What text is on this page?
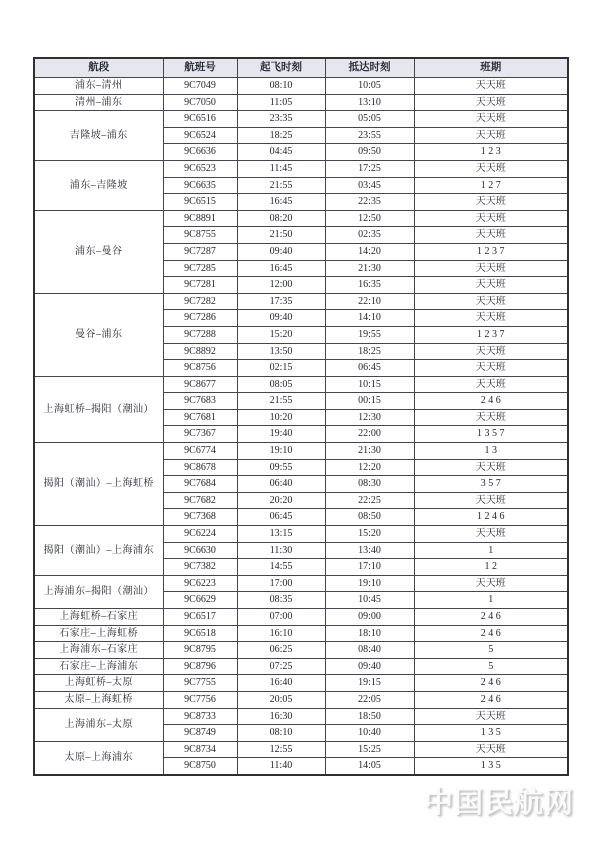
航段	航班号	起飞时刻	抵达时刻	班期
浦东–清州	9C7049	08:10	10:05	天天班
清州–浦东	9C7050	11:05	13:10	天天班
吉隆坡–浦东	9C6516	23:35	05:05	天天班
	9C6524	18:25	23:55	天天班
	9C6636	04:45	09:50	1 2 3
浦东–吉隆坡	9C6523	11:45	17:25	天天班
	9C6635	21:55	03:45	1 2 7
	9C6515	16:45	22:35	天天班
浦东–曼谷	9C8891	08:20	12:50	天天班
	9C8755	21:50	02:35	天天班
	9C7287	09:40	14:20	1 2 3 7
	9C7285	16:45	21:30	天天班
	9C7281	12:00	16:35	天天班
曼谷–浦东	9C7282	17:35	22:10	天天班
	9C7286	09:40	14:10	天天班
	9C7288	15:20	19:55	1 2 3 7
	9C8892	13:50	18:25	天天班
	9C8756	02:15	06:45	天天班
上海虹桥–揭阳（潮汕）	9C8677	08:05	10:15	天天班
	9C7683	21:55	00:15	2 4 6
	9C7681	10:20	12:30	天天班
	9C7367	19:40	22:00	1 3 5 7
揭阳（潮汕）–上海虹桥	9C6774	19:10	21:30	1 3
	9C8678	09:55	12:20	天天班
	9C7684	06:40	08:30	3 5 7
	9C7682	20:20	22:25	天天班
	9C7368	06:45	08:50	1 2 4 6
揭阳（潮汕）–上海浦东	9C6224	13:15	15:20	天天班
	9C6630	11:30	13:40	1
	9C7382	14:55	17:10	1 2
上海浦东–揭阳（潮汕）	9C6223	17:00	19:10	天天班
	9C6629	08:35	10:45	1
上海虹桥–石家庄	9C6517	07:00	09:00	2 4 6
石家庄–上海虹桥	9C6518	16:10	18:10	2 4 6
上海浦东–石家庄	9C8795	06:25	08:40	5
石家庄–上海浦东	9C8796	07:25	09:40	5
上海虹桥–太原	9C7755	16:40	19:15	2 4 6
太原–上海虹桥	9C7756	20:05	22:05	2 4 6
上海浦东–太原	9C8733	16:30	18:50	天天班
	9C8749	08:10	10:40	1 3 5
太原–上海浦东	9C8734	12:55	15:25	天天班
	9C8750	11:40	14:05	1 3 5
中国民航网
